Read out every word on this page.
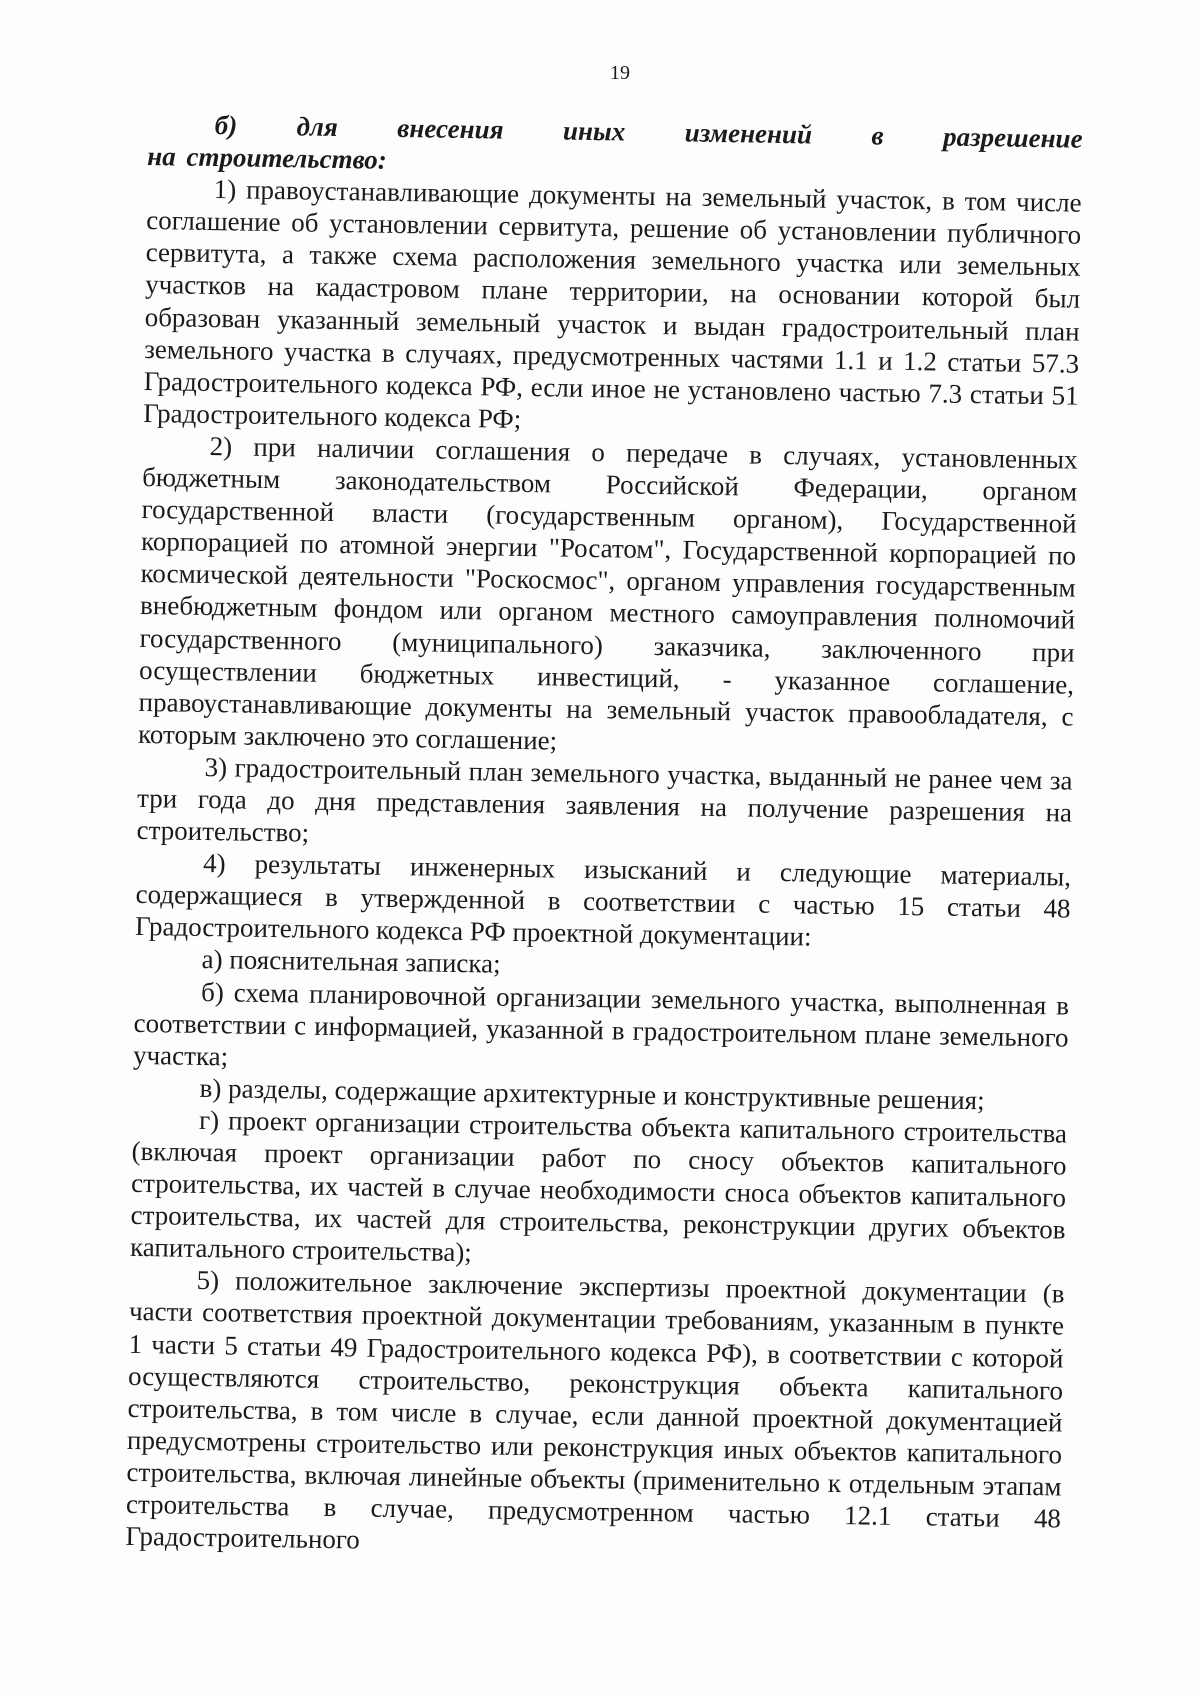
19
б) для внесения иных изменений в разрешение

на строительство:

1) правоустанавливающие документы на земельный участок, в том числе соглашение об установлении сервитута, решение об установлении публичного сервитута, а также схема расположения земельного участка или земельных участков на кадастровом плане территории, на основании которой был образован указанный земельный участок и выдан градостроительный план земельного участка в случаях, предусмотренных частями 1.1 и 1.2 статьи 57.3 Градостроительного кодекса РФ, если иное не установлено частью 7.3 статьи 51 Градостроительного кодекса РФ;

2) при наличии соглашения о передаче в случаях, установленных бюджетным законодательством Российской Федерации, органом государственной власти (государственным органом), Государственной корпорацией по атомной энергии "Росатом", Государственной корпорацией по космической деятельности "Роскосмос", органом управления государственным внебюджетным фондом или органом местного самоуправления полномочий государственного (муниципального) заказчика, заключенного при осуществлении бюджетных инвестиций, - указанное соглашение, правоустанавливающие документы на земельный участок правообладателя, с которым заключено это соглашение;

3) градостроительный план земельного участка, выданный не ранее чем за три года до дня представления заявления на получение разрешения на строительство;

4) результаты инженерных изысканий и следующие материалы, содержащиеся в утвержденной в соответствии с частью 15 статьи 48 Градостроительного кодекса РФ проектной документации:

а) пояснительная записка;

б) схема планировочной организации земельного участка, выполненная в соответствии с информацией, указанной в градостроительном плане земельного участка;

в) разделы, содержащие архитектурные и конструктивные решения;

г) проект организации строительства объекта капитального строительства (включая проект организации работ по сносу объектов капитального строительства, их частей в случае необходимости сноса объектов капитального строительства, их частей для строительства, реконструкции других объектов капитального строительства);

5) положительное заключение экспертизы проектной документации (в части соответствия проектной документации требованиям, указанным в пункте 1 части 5 статьи 49 Градостроительного кодекса РФ), в соответствии с которой осуществляются строительство, реконструкция объекта капитального строительства, в том числе в случае, если данной проектной документацией предусмотрены строительство или реконструкция иных объектов капитального строительства, включая линейные объекты (применительно к отдельным этапам строительства в случае, предусмотренном частью 12.1 статьи 48 Градостроительного
